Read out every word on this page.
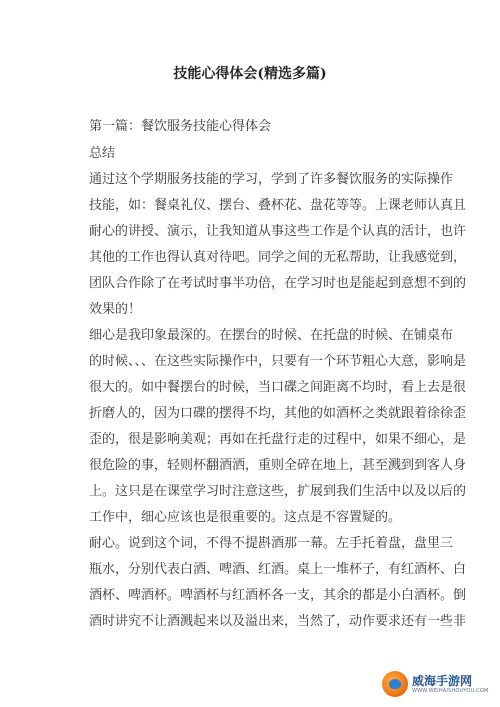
技能心得体会(精选多篇)
第一篇：餐饮服务技能心得体会
总结
通过这个学期服务技能的学习，学到了许多餐饮服务的实际操作
技能，如：餐桌礼仪、摆台、叠杯花、盘花等等。上课老师认真且
耐心的讲授、演示，让我知道从事这些工作是个认真的活计，也许
其他的工作也得认真对待吧。同学之间的无私帮助，让我感觉到，
团队合作除了在考试时事半功倍，在学习时也是能起到意想不到的
效果的！
细心是我印象最深的。在摆台的时候、在托盘的时候、在铺桌布
的时候、、、在这些实际操作中，只要有一个环节粗心大意，影响是
很大的。如中餐摆台的时候，当口碟之间距离不均时，看上去是很
折磨人的，因为口碟的摆得不均，其他的如酒杯之类就跟着徐徐歪
歪的，很是影响美观；再如在托盘行走的过程中，如果不细心，是
很危险的事，轻则杯翻酒洒，重则全碎在地上，甚至溅到到客人身
上。这只是在课堂学习时注意这些，扩展到我们生活中以及以后的
工作中，细心应该也是很重要的。这点是不容置疑的。
耐心。说到这个词，不得不提斟酒那一幕。左手托着盘，盘里三
瓶水，分别代表白酒、啤酒、红酒。桌上一堆杯子，有红酒杯、白
酒杯、啤酒杯。啤酒杯与红酒杯各一支，其余的都是小白酒杯。倒
酒时讲究不让酒溅起来以及溢出来，当然了，动作要求还有一些非
威海手游网
WWW.WEIHAISHOUYOU.COM
